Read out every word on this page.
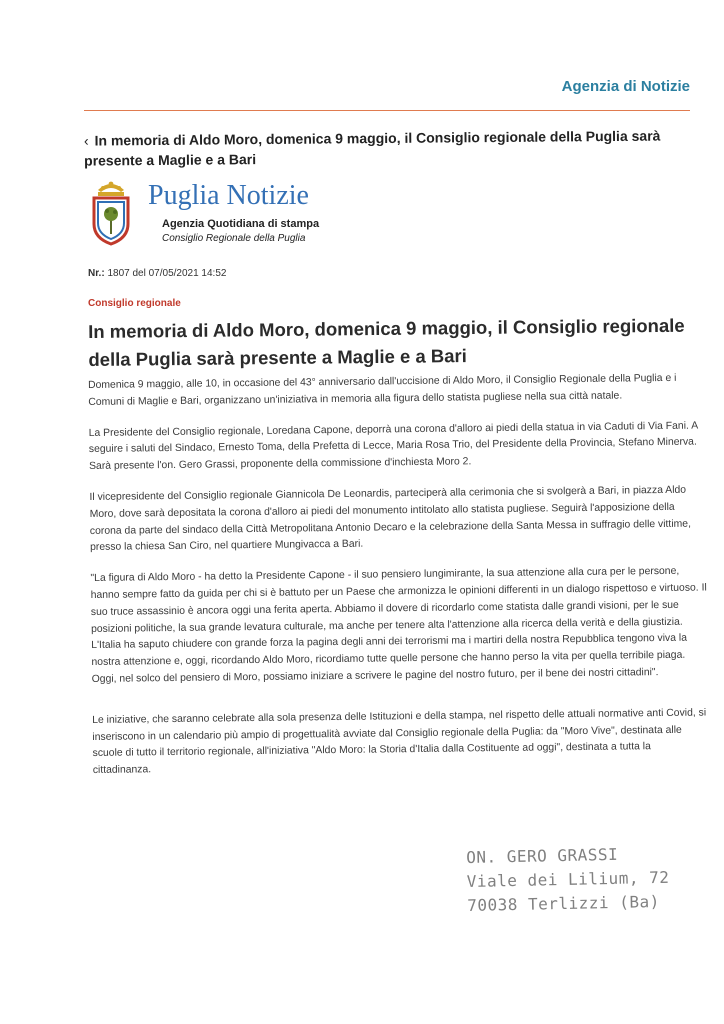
Agenzia di Notizie
‹ In memoria di Aldo Moro, domenica 9 maggio, il Consiglio regionale della Puglia sarà presente a Maglie e a Bari
Puglia Notizie
Agenzia Quotidiana di stampa
Consiglio Regionale della Puglia
Nr.: 1807 del 07/05/2021 14:52
Consiglio regionale
In memoria di Aldo Moro, domenica 9 maggio, il Consiglio regionale della Puglia sarà presente a Maglie e a Bari

Domenica 9 maggio, alle 10, in occasione del 43° anniversario dall'uccisione di Aldo Moro, il Consiglio Regionale della Puglia e i Comuni di Maglie e Bari, organizzano un'iniziativa in memoria alla figura dello statista pugliese nella sua città natale.

La Presidente del Consiglio regionale, Loredana Capone, deporrà una corona d'alloro ai piedi della statua in via Caduti di Via Fani. A seguire i saluti del Sindaco, Ernesto Toma, della Prefetta di Lecce, Maria Rosa Trio, del Presidente della Provincia, Stefano Minerva. Sarà presente l'on. Gero Grassi, proponente della commissione d'inchiesta Moro 2.

Il vicepresidente del Consiglio regionale Giannicola De Leonardis, parteciperà alla cerimonia che si svolgerà a Bari, in piazza Aldo Moro, dove sarà depositata la corona d'alloro ai piedi del monumento intitolato allo statista pugliese. Seguirà l'apposizione della corona da parte del sindaco della Città Metropolitana Antonio Decaro e la celebrazione della Santa Messa in suffragio delle vittime, presso la chiesa San Ciro, nel quartiere Mungivacca a Bari.

"La figura di Aldo Moro - ha detto la Presidente Capone - il suo pensiero lungimirante, la sua attenzione alla cura per le persone, hanno sempre fatto da guida per chi si è battuto per un Paese che armonizza le opinioni differenti in un dialogo rispettoso e virtuoso. Il suo truce assassinio è ancora oggi una ferita aperta. Abbiamo il dovere di ricordarlo come statista dalle grandi visioni, per le sue posizioni politiche, la sua grande levatura culturale, ma anche per tenere alta l'attenzione alla ricerca della verità e della giustizia. L'Italia ha saputo chiudere con grande forza la pagina degli anni dei terrorismi ma i martiri della nostra Repubblica tengono viva la nostra attenzione e, oggi, ricordando Aldo Moro, ricordiamo tutte quelle persone che hanno perso la vita per quella terribile piaga. Oggi, nel solco del pensiero di Moro, possiamo iniziare a scrivere le pagine del nostro futuro, per il bene dei nostri cittadini".

Le iniziative, che saranno celebrate alla sola presenza delle Istituzioni e della stampa, nel rispetto delle attuali normative anti Covid, si inseriscono in un calendario più ampio di progettualità avviate dal Consiglio regionale della Puglia: da "Moro Vive", destinata alle scuole di tutto il territorio regionale, all'iniziativa "Aldo Moro: la Storia d'Italia dalla Costituente ad oggi", destinata a tutta la cittadinanza.

ON. GERO GRASSI
Viale dei Lilium, 72
70038 Terlizzi (Ba)
